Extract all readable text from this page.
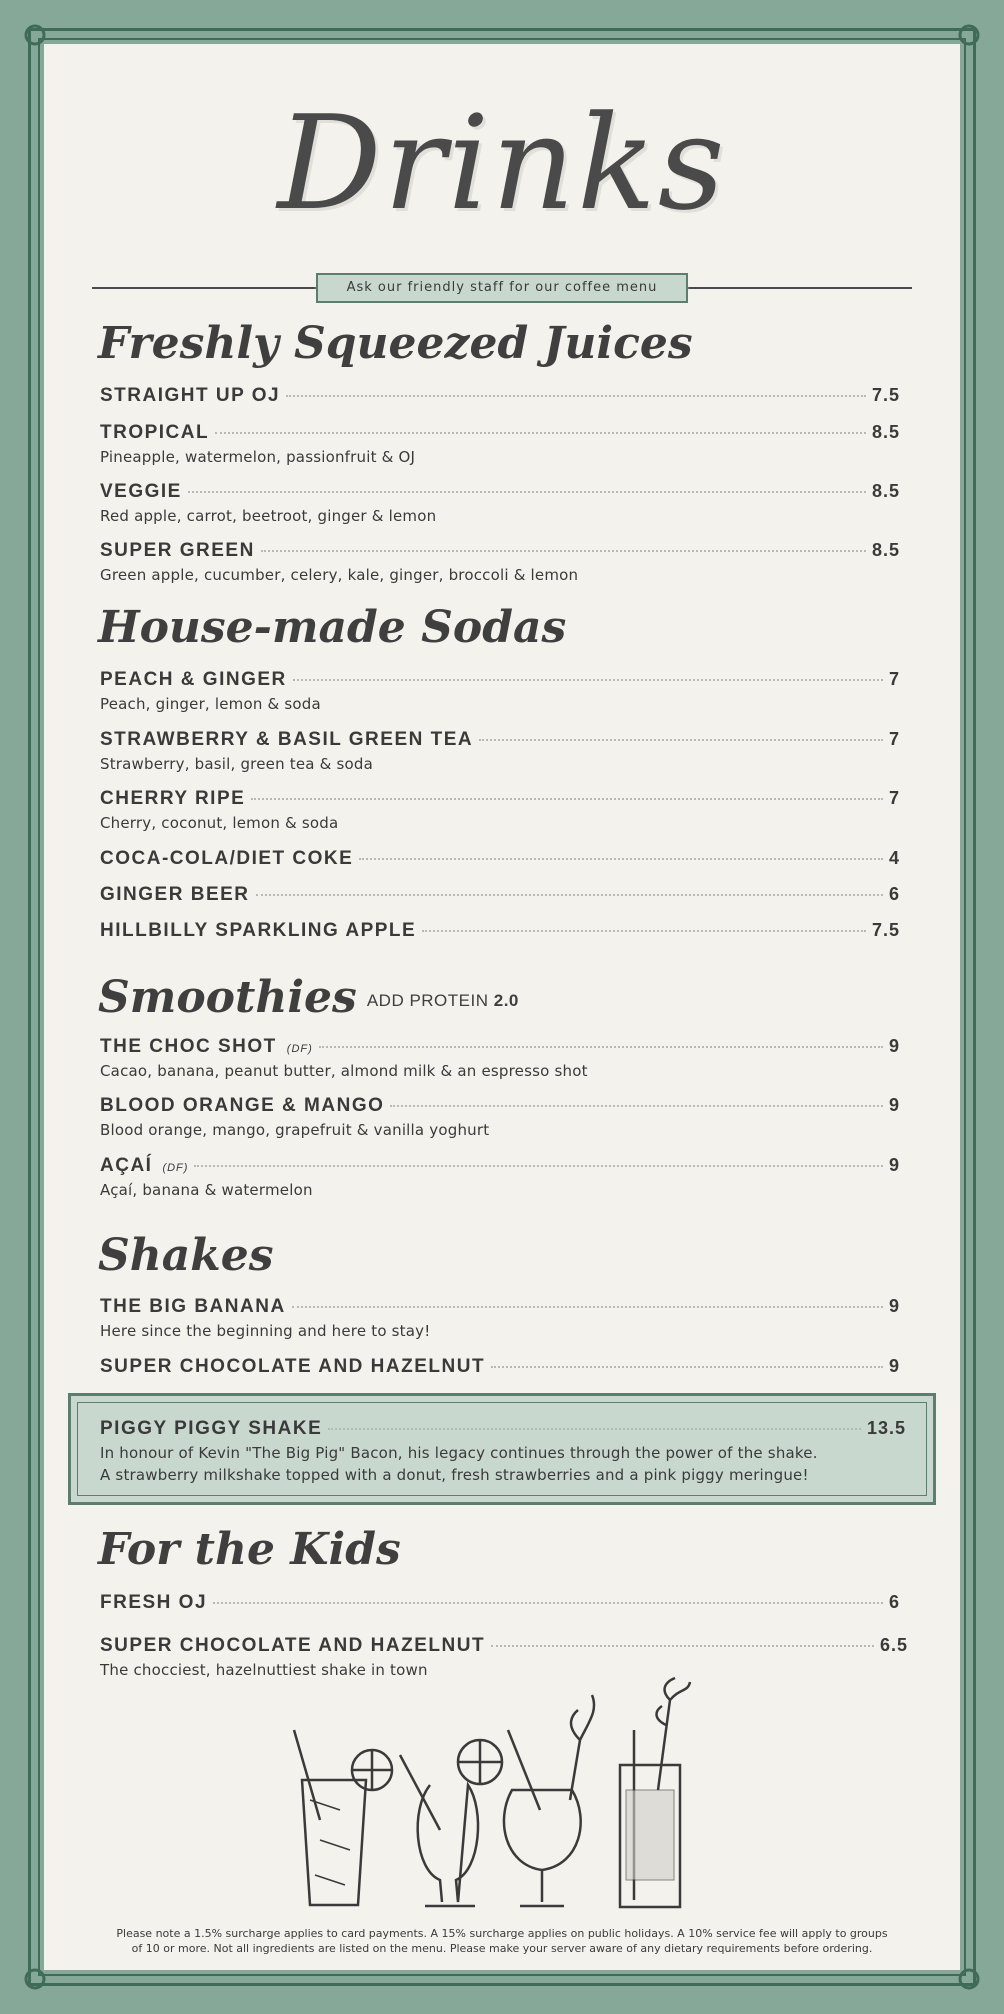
Drinks
Ask our friendly staff for our coffee menu
Freshly Squeezed Juices
STRAIGHT UP OJ	7.5
TROPICAL	8.5
Pineapple, watermelon, passionfruit & OJ
VEGGIE	8.5
Red apple, carrot, beetroot, ginger & lemon
SUPER GREEN	8.5
Green apple, cucumber, celery, kale, ginger, broccoli & lemon
House-made Sodas
PEACH & GINGER	7
Peach, ginger, lemon & soda
STRAWBERRY & BASIL GREEN TEA	7
Strawberry, basil, green tea & soda
CHERRY RIPE	7
Cherry, coconut, lemon & soda
COCA-COLA/DIET COKE	4
GINGER BEER	6
HILLBILLY SPARKLING APPLE	7.5
Smoothies ADD PROTEIN 2.0
THE CHOC SHOT (DF)	9
Cacao, banana, peanut butter, almond milk & an espresso shot
BLOOD ORANGE & MANGO	9
Blood orange, mango, grapefruit & vanilla yoghurt
AÇAÍ (DF)	9
Açaí, banana & watermelon
Shakes
THE BIG BANANA	9
Here since the beginning and here to stay!
SUPER CHOCOLATE AND HAZELNUT	9
PIGGY PIGGY SHAKE	13.5
In honour of Kevin "The Big Pig" Bacon, his legacy continues through the power of the shake.
A strawberry milkshake topped with a donut, fresh strawberries and a pink piggy meringue!
For the Kids
FRESH OJ	6
SUPER CHOCOLATE AND HAZELNUT	6.5
The chocciest, hazelnuttiest shake in town
Please note a 1.5% surcharge applies to card payments. A 15% surcharge applies on public holidays. A 10% service fee will apply to groups
of 10 or more. Not all ingredients are listed on the menu. Please make your server aware of any dietary requirements before ordering.
